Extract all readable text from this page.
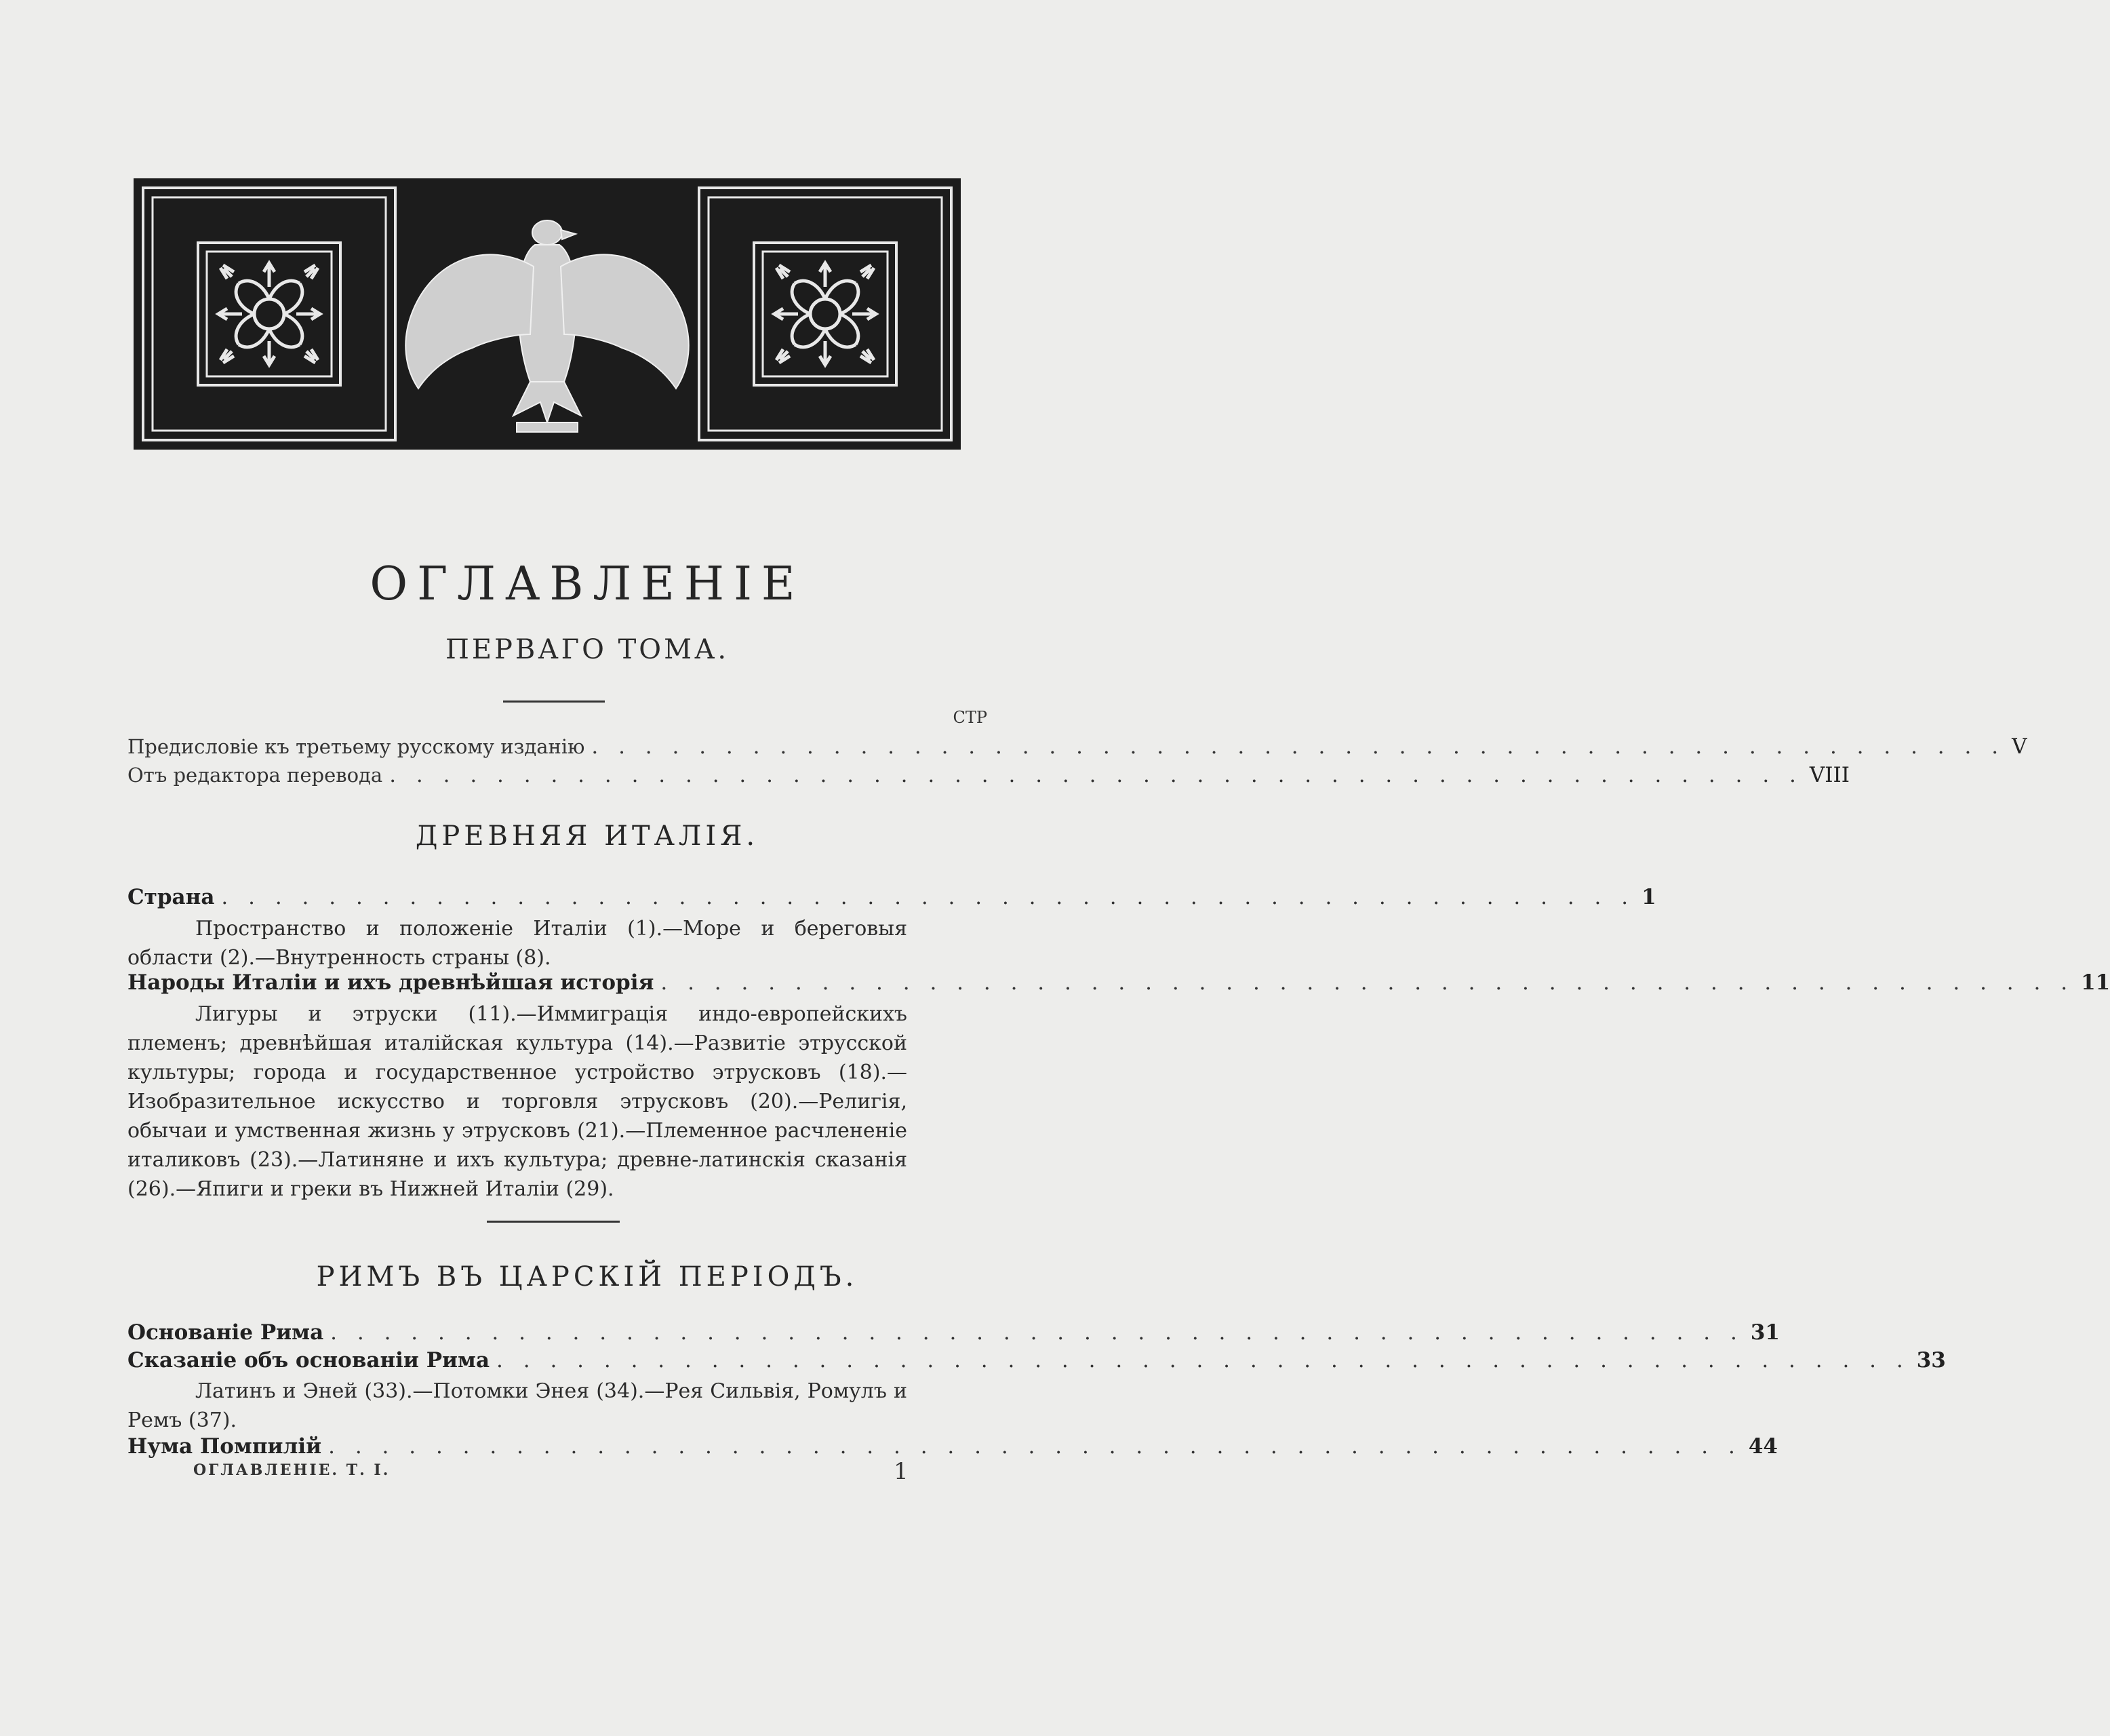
ОГЛАВЛЕНIЕ
ПЕРВАГО ТОМА.
СТР
Предисловіе къ третьему русскому изданію . . . . . . . . . . . . . . . . . . . . . . . . . . . . . . . . . . . . . . . . . . . . . . . . . . . . . V
Отъ редактора перевода . . . . . . . . . . . . . . . . . . . . . . . . . . . . . . . . . . . . . . . . . . . . . . . . . . . . . VIII
ДРЕВНЯЯ ИТАЛІЯ.
Страна . . . . . . . . . . . . . . . . . . . . . . . . . . . . . . . . . . . . . . . . . . . . . . . . . . . . . 1
Пространство и положеніе Италіи (1).—Море и береговыя области (2).—Внутренность страны (8).
Народы Италіи и ихъ древнѣйшая исторія . . . . . . . . . . . . . . . . . . . . . . . . . . . . . . . . . . . . . . . . . . . . . . . . . . . . . 11
Лигуры и этруски (11).—Иммиграція индо-европейскихъ племенъ; древнѣйшая италійская культура (14).—Развитіе этрусской культуры; города и государственное устройство этрусковъ (18).—Изобразительное искусство и торговля этрусковъ (20).—Религія, обычаи и умственная жизнь у этрусковъ (21).—Племенное расчлененіе италиковъ (23).—Латиняне и ихъ культура; древне-латинскія сказанія (26).—Япиги и греки въ Нижней Италіи (29).
РИМЪ ВЪ ЦАРСКІЙ ПЕРІОДЪ.
Основаніе Рима . . . . . . . . . . . . . . . . . . . . . . . . . . . . . . . . . . . . . . . . . . . . . . . . . . . . . 31
Сказаніе объ основаніи Рима . . . . . . . . . . . . . . . . . . . . . . . . . . . . . . . . . . . . . . . . . . . . . . . . . . . . . 33
Латинъ и Эней (33).—Потомки Энея (34).—Рея Сильвія, Ромулъ и Ремъ (37).
Нума Помпилій . . . . . . . . . . . . . . . . . . . . . . . . . . . . . . . . . . . . . . . . . . . . . . . . . . . . . 44
ОГЛАВЛЕНIЕ. Т. I.	1
